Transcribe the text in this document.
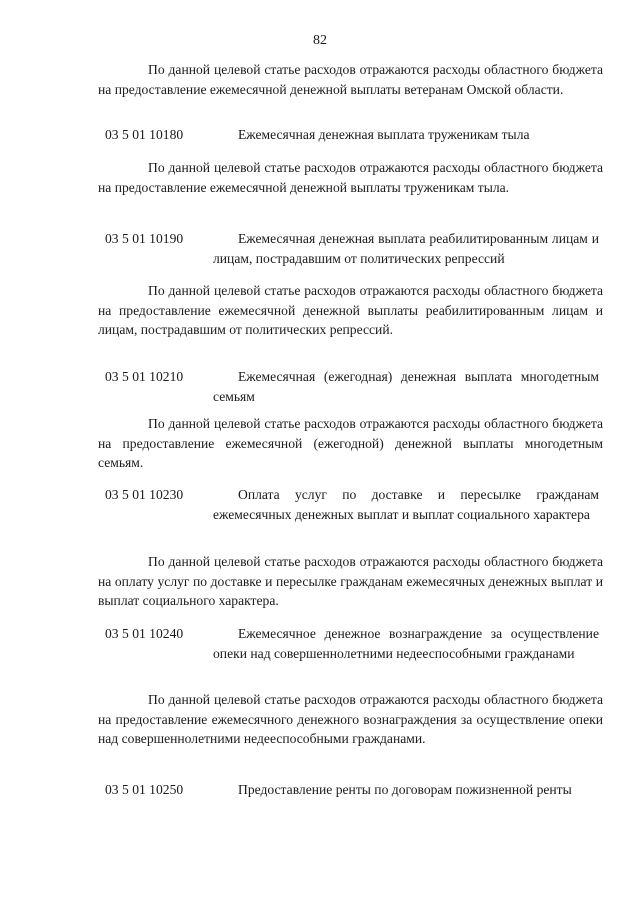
82

По данной целевой статье расходов отражаются расходы областного бюджета на предоставление ежемесячной денежной выплаты ветеранам Омской области.

03 5 01 10180	Ежемесячная денежная выплата труженикам тыла

По данной целевой статье расходов отражаются расходы областного бюджета на предоставление ежемесячной денежной выплаты труженикам тыла.

03 5 01 10190	Ежемесячная денежная выплата реабилитированным лицам и лицам, пострадавшим от политических репрессий

По данной целевой статье расходов отражаются расходы областного бюджета на предоставление ежемесячной денежной выплаты реабилитированным лицам и лицам, пострадавшим от политических репрессий.

03 5 01 10210	Ежемесячная (ежегодная) денежная выплата многодетным семьям

По данной целевой статье расходов отражаются расходы областного бюджета на предоставление ежемесячной (ежегодной) денежной выплаты многодетным семьям.

03 5 01 10230	Оплата услуг по доставке и пересылке гражданам ежемесячных денежных выплат и выплат социального характера

По данной целевой статье расходов отражаются расходы областного бюджета на оплату услуг по доставке и пересылке гражданам ежемесячных денежных выплат и выплат социального характера.

03 5 01 10240	Ежемесячное денежное вознаграждение за осуществление опеки над совершеннолетними недееспособными гражданами

По данной целевой статье расходов отражаются расходы областного бюджета на предоставление ежемесячного денежного вознаграждения за осуществление опеки над совершеннолетними недееспособными гражданами.

03 5 01 10250	Предоставление ренты по договорам пожизненной ренты
